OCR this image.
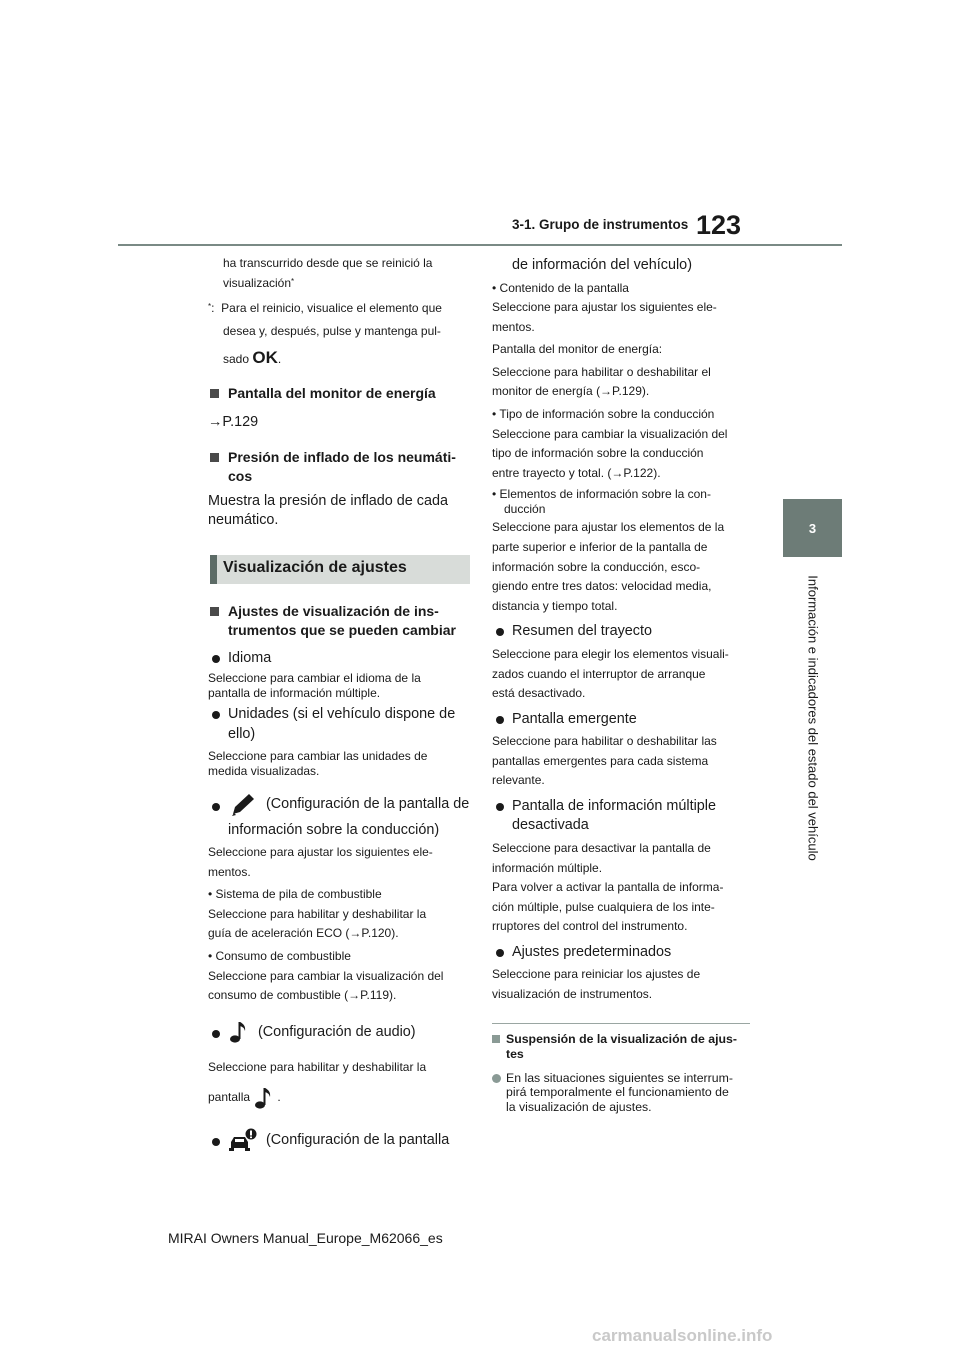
3-1. Grupo de instrumentos 123
3
Información e indicadores del estado del vehículo

ha transcurrido desde que se reinició la

visualización*

*: Para el reinicio, visualice el elemento que

desea y, después, pulse y mantenga pul-

sado OK.

Pantalla del monitor de energía

→P.129

Presión de inflado de los neumáti-
cos

Muestra la presión de inflado de cada

neumático.

Visualización de ajustes
Ajustes de visualización de ins-
trumentos que se pueden cambiar
Idioma

Seleccione para cambiar el idioma de la

pantalla de información múltiple.

Unidades (si el vehículo dispone de
ello)

Seleccione para cambiar las unidades de

medida visualizadas.

(Configuración de la pantalla de
información sobre la conducción)

Seleccione para ajustar los siguientes ele-

mentos.

• Sistema de pila de combustible

Seleccione para habilitar y deshabilitar la

guía de aceleración ECO (→P.120).

• Consumo de combustible

Seleccione para cambiar la visualización del

consumo de combustible (→P.119).

(Configuración de audio)

Seleccione para habilitar y deshabilitar la

pantalla .

(Configuración de la pantalla

de información del vehículo)

• Contenido de la pantalla

Seleccione para ajustar los siguientes ele-

mentos.

Pantalla del monitor de energía:

Seleccione para habilitar o deshabilitar el

monitor de energía (→P.129).

• Tipo de información sobre la conducción

Seleccione para cambiar la visualización del

tipo de información sobre la conducción

entre trayecto y total. (→P.122).

• Elementos de información sobre la con-

ducción

Seleccione para ajustar los elementos de la

parte superior e inferior de la pantalla de

información sobre la conducción, esco-

giendo entre tres datos: velocidad media,

distancia y tiempo total.

Resumen del trayecto

Seleccione para elegir los elementos visuali-

zados cuando el interruptor de arranque

está desactivado.

Pantalla emergente

Seleccione para habilitar o deshabilitar las

pantallas emergentes para cada sistema

relevante.

Pantalla de información múltiple
desactivada

Seleccione para desactivar la pantalla de

información múltiple.

Para volver a activar la pantalla de informa-

ción múltiple, pulse cualquiera de los inte-

rruptores del control del instrumento.

Ajustes predeterminados

Seleccione para reiniciar los ajustes de

visualización de instrumentos.

Suspensión de la visualización de ajus-
tes
En las situaciones siguientes se interrum-
pirá temporalmente el funcionamiento de
la visualización de ajustes.
MIRAI Owners Manual_Europe_M62066_es
carmanualsonline.info
